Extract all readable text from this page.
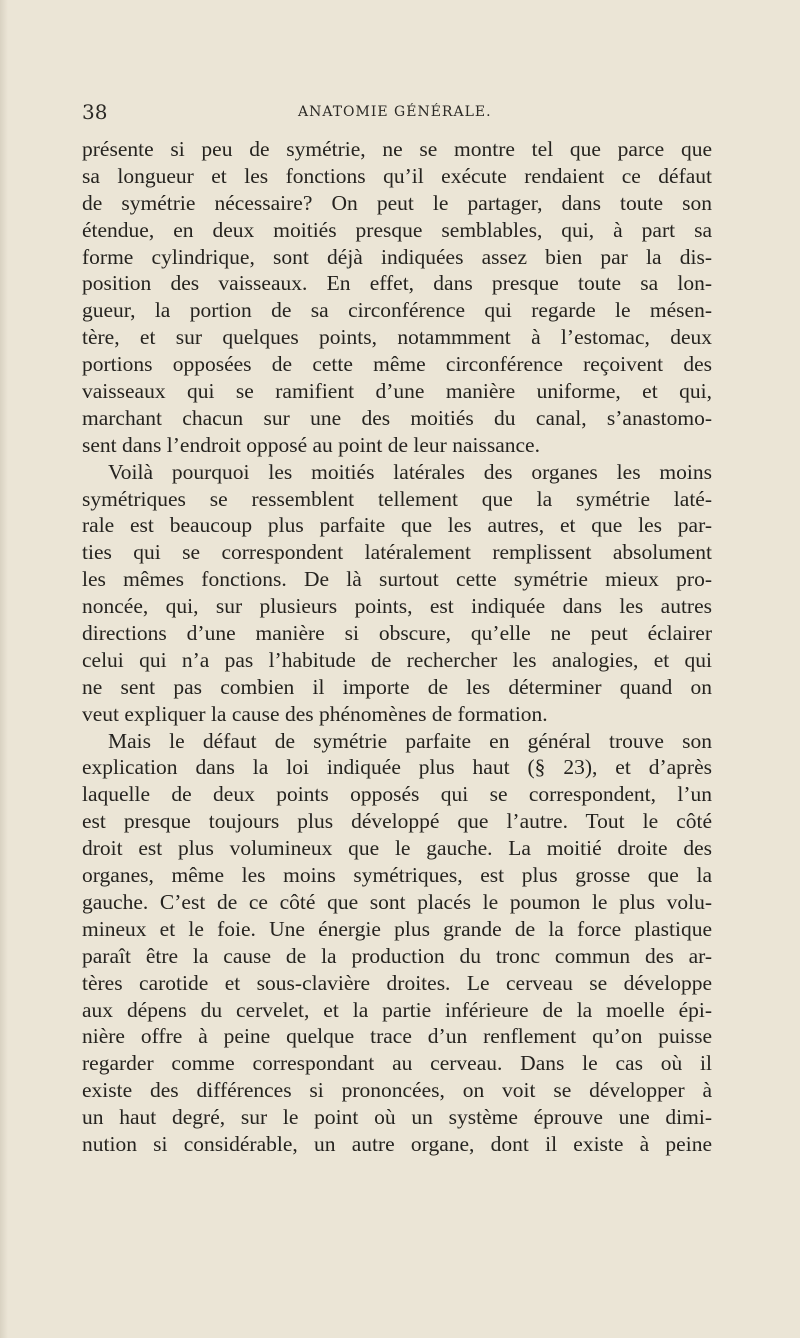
38	ANATOMIE GÉNÉRALE.
présente si peu de symétrie, ne se montre tel que parce que
sa longueur et les fonctions qu’il exécute rendaient ce défaut
de symétrie nécessaire? On peut le partager, dans toute son
étendue, en deux moitiés presque semblables, qui, à part sa
forme cylindrique, sont déjà indiquées assez bien par la dis-
position des vaisseaux. En effet, dans presque toute sa lon-
gueur, la portion de sa circonférence qui regarde le mésen-
tère, et sur quelques points, notammment à l’estomac, deux
portions opposées de cette même circonférence reçoivent des
vaisseaux qui se ramifient d’une manière uniforme, et qui,
marchant chacun sur une des moitiés du canal, s’anastomo-
sent dans l’endroit opposé au point de leur naissance.
Voilà pourquoi les moitiés latérales des organes les moins
symétriques se ressemblent tellement que la symétrie laté-
rale est beaucoup plus parfaite que les autres, et que les par-
ties qui se correspondent latéralement remplissent absolument
les mêmes fonctions. De là surtout cette symétrie mieux pro-
noncée, qui, sur plusieurs points, est indiquée dans les autres
directions d’une manière si obscure, qu’elle ne peut éclairer
celui qui n’a pas l’habitude de rechercher les analogies, et qui
ne sent pas combien il importe de les déterminer quand on
veut expliquer la cause des phénomènes de formation.
Mais le défaut de symétrie parfaite en général trouve son
explication dans la loi indiquée plus haut (§ 23), et d’après
laquelle de deux points opposés qui se correspondent, l’un
est presque toujours plus développé que l’autre. Tout le côté
droit est plus volumineux que le gauche. La moitié droite des
organes, même les moins symétriques, est plus grosse que la
gauche. C’est de ce côté que sont placés le poumon le plus volu-
mineux et le foie. Une énergie plus grande de la force plastique
paraît être la cause de la production du tronc commun des ar-
tères carotide et sous-clavière droites. Le cerveau se développe
aux dépens du cervelet, et la partie inférieure de la moelle épi-
nière offre à peine quelque trace d’un renflement qu’on puisse
regarder comme correspondant au cerveau. Dans le cas où il
existe des différences si prononcées, on voit se développer à
un haut degré, sur le point où un système éprouve une dimi-
nution si considérable, un autre organe, dont il existe à peine
